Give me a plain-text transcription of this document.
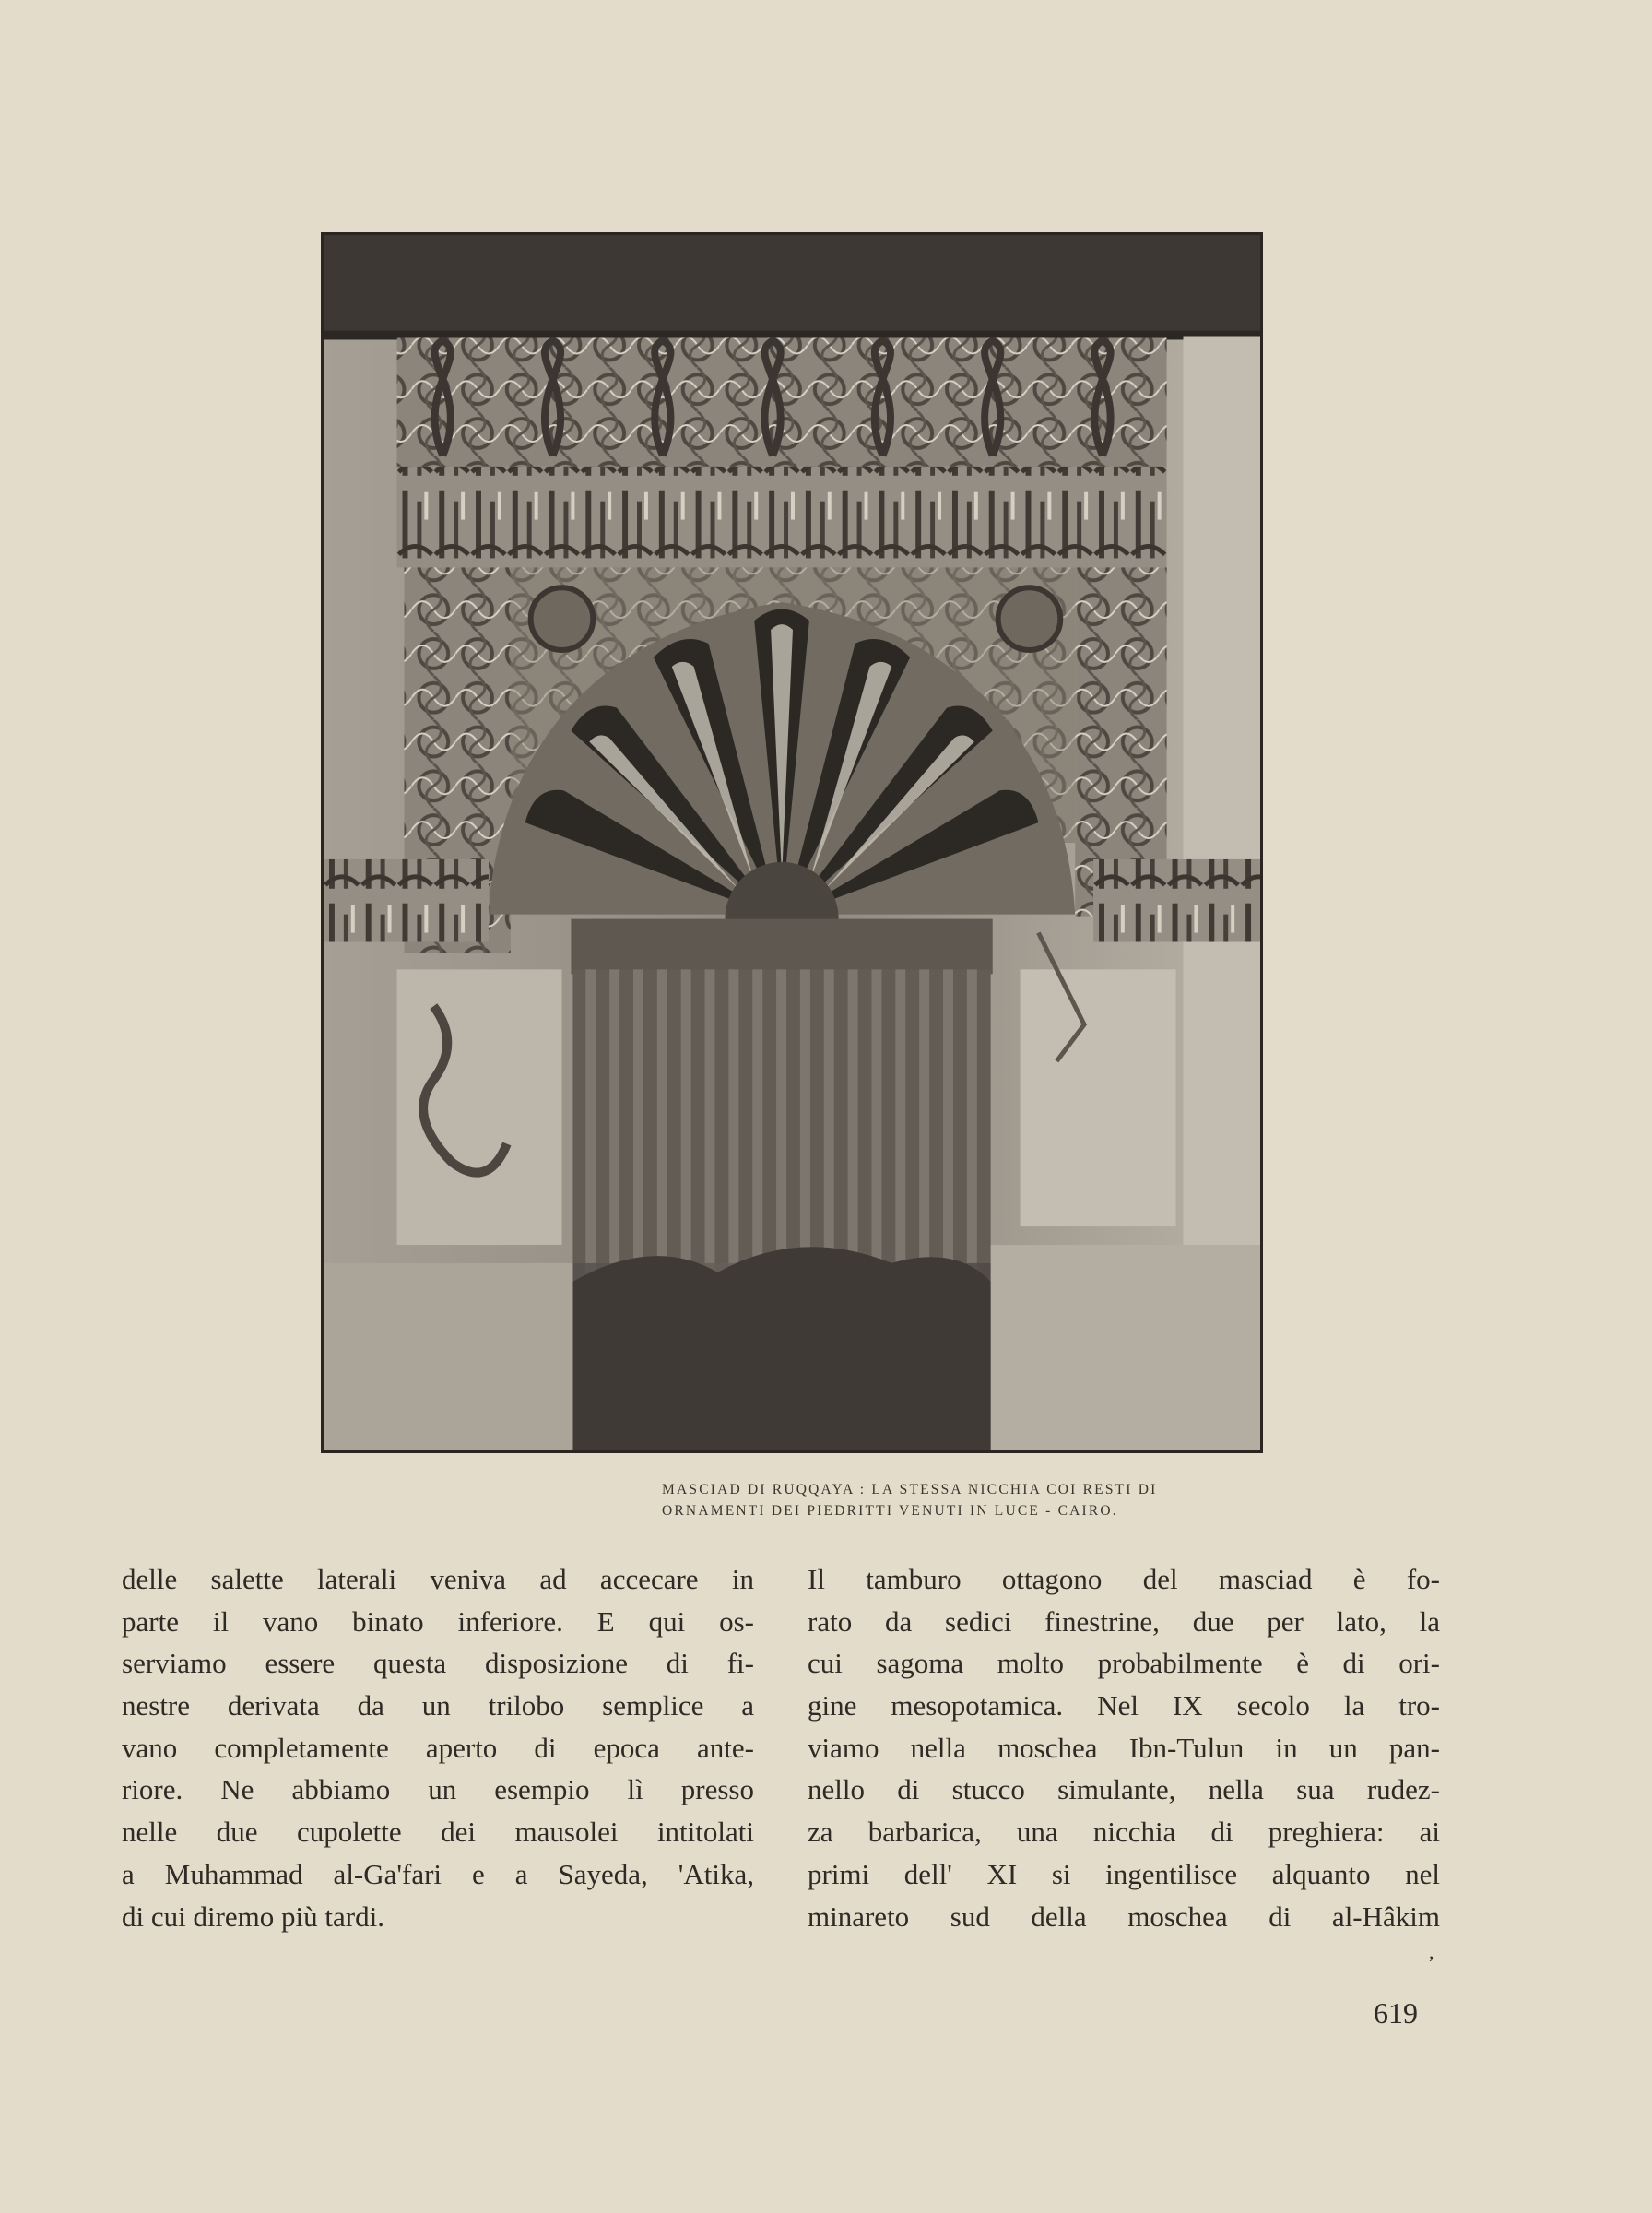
MASCIAD DI RUQQAYA : LA STESSA NICCHIA COI RESTI DI
ORNAMENTI DEI PIEDRITTI VENUTI IN LUCE - CAIRO.
delle salette laterali veniva ad accecare in
parte il vano binato inferiore. E qui os-
serviamo essere questa disposizione di fi-
nestre derivata da un trilobo semplice a
vano completamente aperto di epoca ante-
riore. Ne abbiamo un esempio lì presso
nelle due cupolette dei mausolei intitolati
a Muhammad al-Ga'fari e a Sayeda, 'Atika,
di cui diremo più tardi.
Il tamburo ottagono del masciad è fo-
rato da sedici finestrine, due per lato, la
cui sagoma molto probabilmente è di ori-
gine mesopotamica. Nel IX secolo la tro-
viamo nella moschea Ibn-Tulun in un pan-
nello di stucco simulante, nella sua rudez-
za barbarica, una nicchia di preghiera: ai
primi dell' XI si ingentilisce alquanto nel
minareto sud della moschea di al-Hâkim
,
619
